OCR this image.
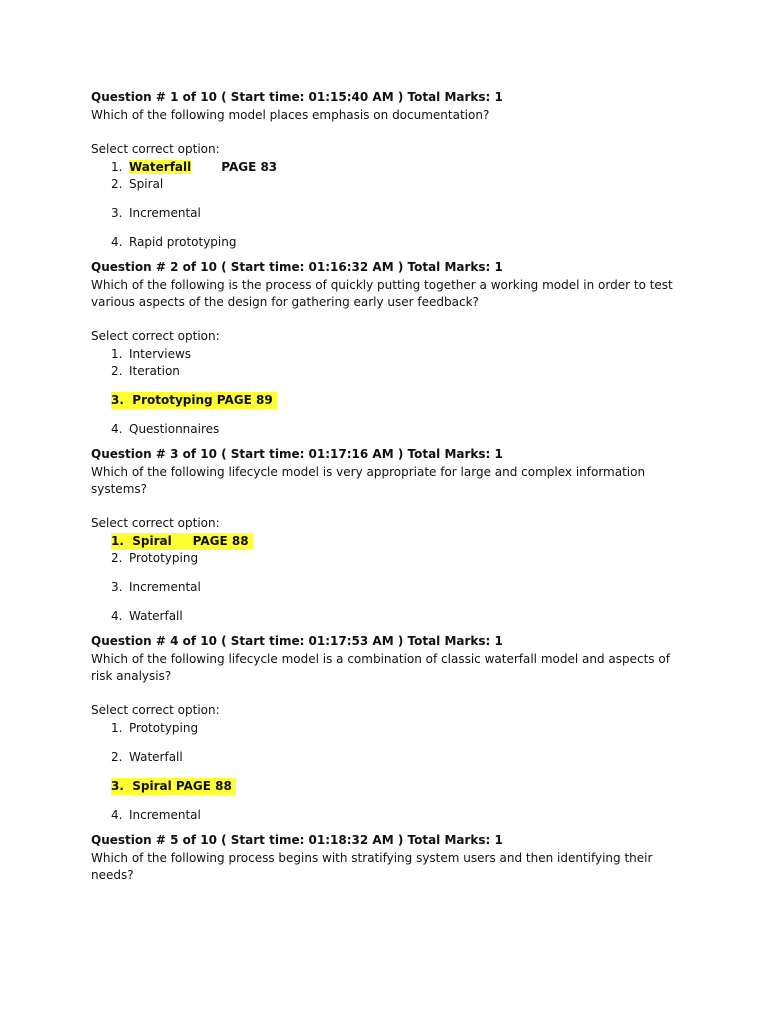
Question # 1 of 10 ( Start time: 01:15:40 AM ) Total Marks: 1
Which of the following model places emphasis on documentation?
Select correct option:
1. Waterfall	PAGE 83
2. Spiral
3. Incremental
4. Rapid prototyping
Question # 2 of 10 ( Start time: 01:16:32 AM ) Total Marks: 1
Which of the following is the process of quickly putting together a working model in order to test various aspects of the design for gathering early user feedback?
Select correct option:
1. Interviews
2. Iteration
3. Prototyping PAGE 89

4. Questionnaires
Question # 3 of 10 ( Start time: 01:17:16 AM ) Total Marks: 1
Which of the following lifecycle model is very appropriate for large and complex information systems?
Select correct option:
1. Spiral     PAGE 88

2. Prototyping
3. Incremental
4. Waterfall
Question # 4 of 10 ( Start time: 01:17:53 AM ) Total Marks: 1
Which of the following lifecycle model is a combination of classic waterfall model and aspects of risk analysis?
Select correct option:
1. Prototyping
2. Waterfall
3. Spiral PAGE 88

4. Incremental
Question # 5 of 10 ( Start time: 01:18:32 AM ) Total Marks: 1
Which of the following process begins with stratifying system users and then identifying their needs?
